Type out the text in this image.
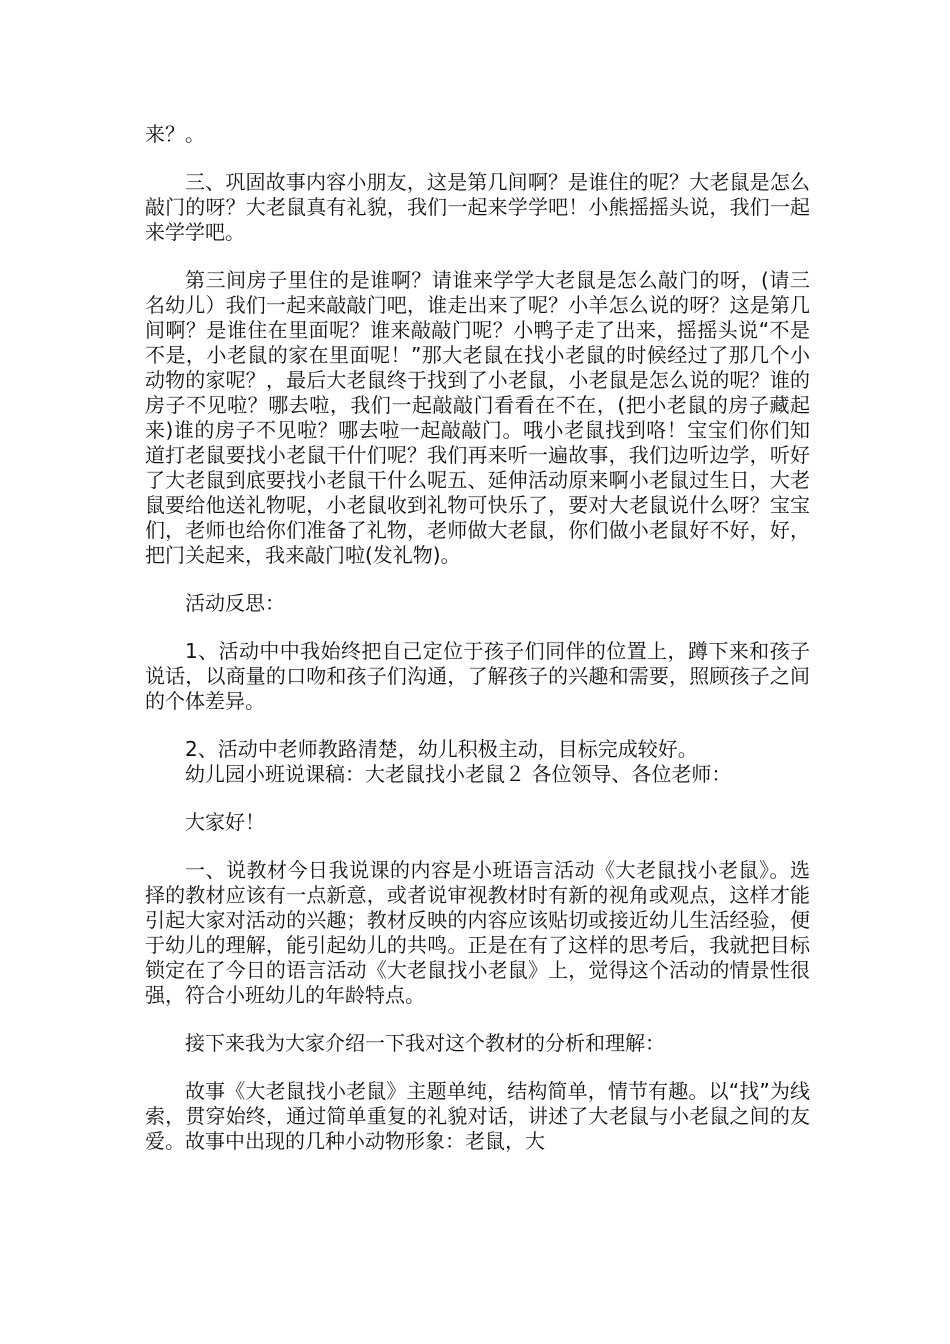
来？。

三、巩固故事内容小朋友，这是第几间啊？是谁住的呢？大老鼠是怎么敲门的呀？大老鼠真有礼貌，我们一起来学学吧！小熊摇摇头说，我们一起来学学吧。

第三间房子里住的是谁啊？请谁来学学大老鼠是怎么敲门的呀，(请三名幼儿）我们一起来敲敲门吧，谁走出来了呢？小羊怎么说的呀？这是第几间啊？是谁住在里面呢？谁来敲敲门呢？小鸭子走了出来，摇摇头说“不是不是，小老鼠的家在里面呢！”那大老鼠在找小老鼠的时候经过了那几个小动物的家呢？，最后大老鼠终于找到了小老鼠，小老鼠是怎么说的呢？谁的房子不见啦？哪去啦，我们一起敲敲门看看在不在，(把小老鼠的房子藏起来)谁的房子不见啦？哪去啦一起敲敲门。哦小老鼠找到咯！宝宝们你们知道打老鼠要找小老鼠干什们呢？我们再来听一遍故事，我们边听边学，听好了大老鼠到底要找小老鼠干什么呢五、延伸活动原来啊小老鼠过生日，大老鼠要给他送礼物呢，小老鼠收到礼物可快乐了，要对大老鼠说什么呀？宝宝们，老师也给你们准备了礼物，老师做大老鼠，你们做小老鼠好不好，好，把门关起来，我来敲门啦(发礼物)。

活动反思：

1、活动中中我始终把自己定位于孩子们同伴的位置上，蹲下来和孩子说话，以商量的口吻和孩子们沟通，了解孩子的兴趣和需要，照顾孩子之间的个体差异。

2、活动中老师教路清楚，幼儿积极主动，目标完成较好。

幼儿园小班说课稿：大老鼠找小老鼠２ 各位领导、各位老师：

大家好！

一、说教材今日我说课的内容是小班语言活动《大老鼠找小老鼠》。选择的教材应该有一点新意，或者说审视教材时有新的视角或观点，这样才能引起大家对活动的兴趣；教材反映的内容应该贴切或接近幼儿生活经验，便于幼儿的理解，能引起幼儿的共鸣。正是在有了这样的思考后，我就把目标锁定在了今日的语言活动《大老鼠找小老鼠》上，觉得这个活动的情景性很强，符合小班幼儿的年龄特点。

接下来我为大家介绍一下我对这个教材的分析和理解：

故事《大老鼠找小老鼠》主题单纯，结构简单，情节有趣。以“找”为线索，贯穿始终，通过简单重复的礼貌对话，讲述了大老鼠与小老鼠之间的友爱。故事中出现的几种小动物形象：老鼠，大
